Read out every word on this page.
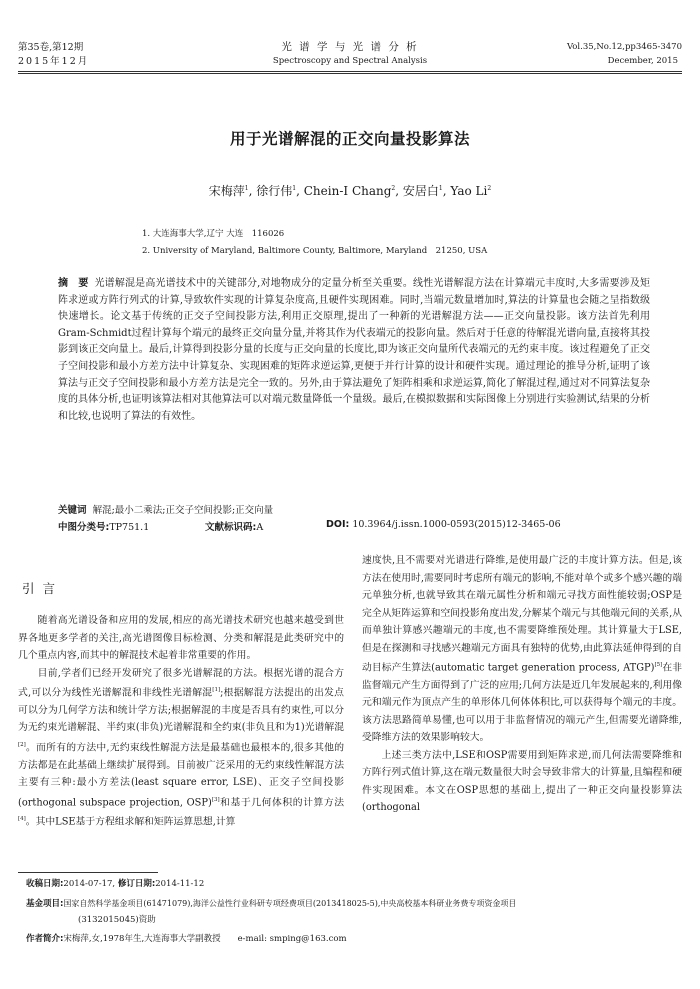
第35卷,第12期
2015年12月
光 谱 学 与 光 谱 分 析
Spectroscopy and Spectral Analysis
Vol.35,No.12,pp3465-3470
December, 2015
用于光谱解混的正交向量投影算法
宋梅萍$^1$, 徐行伟$^1$, Chein-I Chang$^2$, 安居白$^1$, Yao Li$^2$
1. 大连海事大学,辽宁 大连　116026
2. University of Maryland, Baltimore County, Baltimore, Maryland　21250, USA
摘　要 光谱解混是高光谱技术中的关键部分,对地物成分的定量分析至关重要。线性光谱解混方法在计算端元丰度时,大多需要涉及矩阵求逆或方阵行列式的计算,导致软件实现的计算复杂度高,且硬件实现困难。同时,当端元数量增加时,算法的计算量也会随之呈指数级快速增长。论文基于传统的正交子空间投影方法,利用正交原理,提出了一种新的光谱解混方法——正交向量投影。该方法首先利用Gram-Schmidt过程计算每个端元的最终正交向量分量,并将其作为代表端元的投影向量。然后对于任意的待解混光谱向量,直接将其投影到该正交向量上。最后,计算得到投影分量的长度与正交向量的长度比,即为该正交向量所代表端元的无约束丰度。该过程避免了正交子空间投影和最小方差方法中计算复杂、实现困难的矩阵求逆运算,更便于并行计算的设计和硬件实现。通过理论的推导分析,证明了该算法与正交子空间投影和最小方差方法是完全一致的。另外,由于算法避免了矩阵相乘和求逆运算,简化了解混过程,通过对不同算法复杂度的具体分析,也证明该算法相对其他算法可以对端元数量降低一个量级。最后,在模拟数据和实际图像上分别进行实验测试,结果的分析和比较,也说明了算法的有效性。
关键词 解混;最小二乘法;正交子空间投影;正交向量
中图分类号:TP751.1	文献标识码:A	DOI: 10.3964/j.issn.1000-0593(2015)12-3465-06
引言

随着高光谱设备和应用的发展,相应的高光谱技术研究也越来越受到世界各地更多学者的关注,高光谱图像目标检测、分类和解混是此类研究中的几个重点内容,而其中的解混技术起着非常重要的作用。

目前,学者们已经开发研究了很多光谱解混的方法。根据光谱的混合方式,可以分为线性光谱解混和非线性光谱解混[1];根据解混方法提出的出发点可以分为几何学方法和统计学方法;根据解混的丰度是否具有约束性,可以分为无约束光谱解混、半约束(非负)光谱解混和全约束(非负且和为1)光谱解混[2]。而所有的方法中,无约束线性解混方法是最基础也最根本的,很多其他的方法都是在此基础上继续扩展得到。目前被广泛采用的无约束线性解混方法主要有三种:最小方差法(least square error, LSE)、正交子空间投影(orthogonal subspace projection, OSP)[3]和基于几何体积的计算方法[4]。其中LSE基于方程组求解和矩阵运算思想,计算

速度快,且不需要对光谱进行降维,是使用最广泛的丰度计算方法。但是,该方法在使用时,需要同时考虑所有端元的影响,不能对单个或多个感兴趣的端元单独分析,也就导致其在端元属性分析和端元寻找方面性能较弱;OSP是完全从矩阵运算和空间投影角度出发,分解某个端元与其他端元间的关系,从而单独计算感兴趣端元的丰度,也不需要降维预处理。其计算量大于LSE,但是在探测和寻找感兴趣端元方面具有独特的优势,由此算法延伸得到的自动目标产生算法(automatic target generation process, ATGP)[5]在非监督端元产生方面得到了广泛的应用;几何方法是近几年发展起来的,利用像元和端元作为顶点产生的单形体几何体体积比,可以获得每个端元的丰度。该方法思路简单易懂,也可以用于非监督情况的端元产生,但需要光谱降维,受降维方法的效果影响较大。

上述三类方法中,LSE和OSP需要用到矩阵求逆,而几何法需要降维和方阵行列式值计算,这在端元数量很大时会导致非常大的计算量,且编程和硬件实现困难。本文在OSP思想的基础上,提出了一种正交向量投影算法(orthogonal

收稿日期:2014-07-17, 修订日期:2014-11-12
基金项目:国家自然科学基金项目(61471079),海洋公益性行业科研专项经费项目(2013418025-5),中央高校基本科研业务费专项资金项目
(3132015045)资助
作者简介:宋梅萍,女,1978年生,大连海事大学副教授　　e-mail: smping@163.com
